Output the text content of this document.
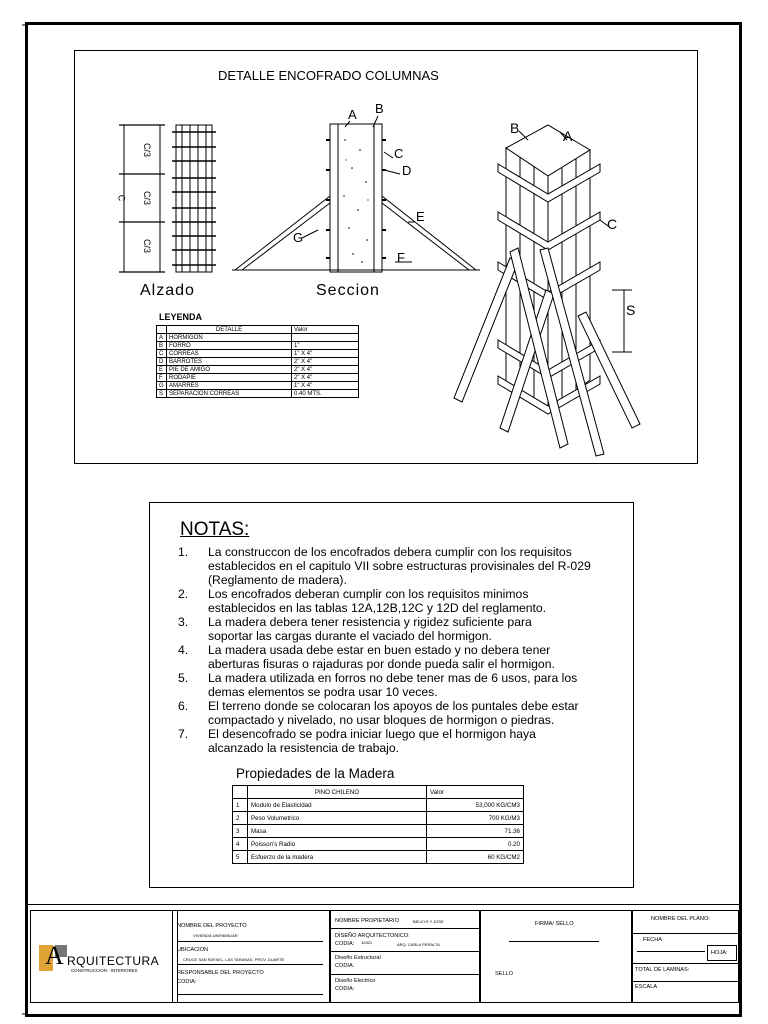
DETALLE ENCOFRADO COLUMNAS
C/3
C/3
C/3
C
Alzado	Seccion
A B
C
D
E
F
G
B	A
C
S
LEYENDA
	DETALLE	Valor
A	HORMIGON	
B	FORRO	1"
C	CORREAS	1" X 4"
D	BARROTES	2" X 4"
E	PIE DE AMIGO	2" X 4"
F	RODAPIE	2" X 4"
G	AMARRES	1" X 4"
S	SEPARACION CORREAS	0.40 MTS.
NOTAS:
1. La construccon de los encofrados debera cumplir con los requisitos
establecidos en el capitulo VII sobre estructuras provisinales del R-029
(Reglamento de madera).
2. Los encofrados deberan cumplir con los requisitos minimos
establecidos en las tablas 12A,12B,12C y 12D del reglamento.
3. La madera debera tener resistencia y rigidez suficiente para
soportar las cargas durante el vaciado del hormigon.
4. La madera usada debe estar en buen estado y no debera tener
aberturas fisuras o rajaduras por donde pueda salir el hormigon.
5. La madera utilizada en forros no debe tener mas de 6 usos, para los
demas elementos se podra usar 10 veces.
6. El terreno donde se colocaran los apoyos de los puntales debe estar
compactado y nivelado, no usar bloques de hormigon o piedras.
7. El desencofrado se podra iniciar luego que el hormigon haya
alcanzado la resistencia de trabajo.
Propiedades de la Madera
	PINO CHILENO	Valor
1	Modulo de Elasticidad	53,000 KG/CM3
2	Peso Volumetrico	700 KG/M3
3	Masa	71.36
4	Poisson's Radio	0.20
5	Esfuerzo de la madera	60 KG/CM2
A RQUITECTURA
CONSTRUCCION - INTERIORES
NOMBRE DEL PROYECTO
VIVIENDA UNIFAMILIAR
UBICACION
CRUCE SAN RAFAEL, LAS TARANAS, PROV. DUARTE
RESPONSABLE DEL PROYECTO
CODIA:
NOMBRE PROPIETARIO	BELKYS Y JOSE
DISEÑO ARQUITECTONICO:
CODIA: 10321	ARQ. CARLA PERALTA
Diseño Estructural
CODIA:
Diseño Electrico
CODIA:
FIRMA/ SELLO
SELLO
NOMBRE DEL PLANO:
FECHA
HOJA:
TOTAL DE LAMINAS:
ESCALA
